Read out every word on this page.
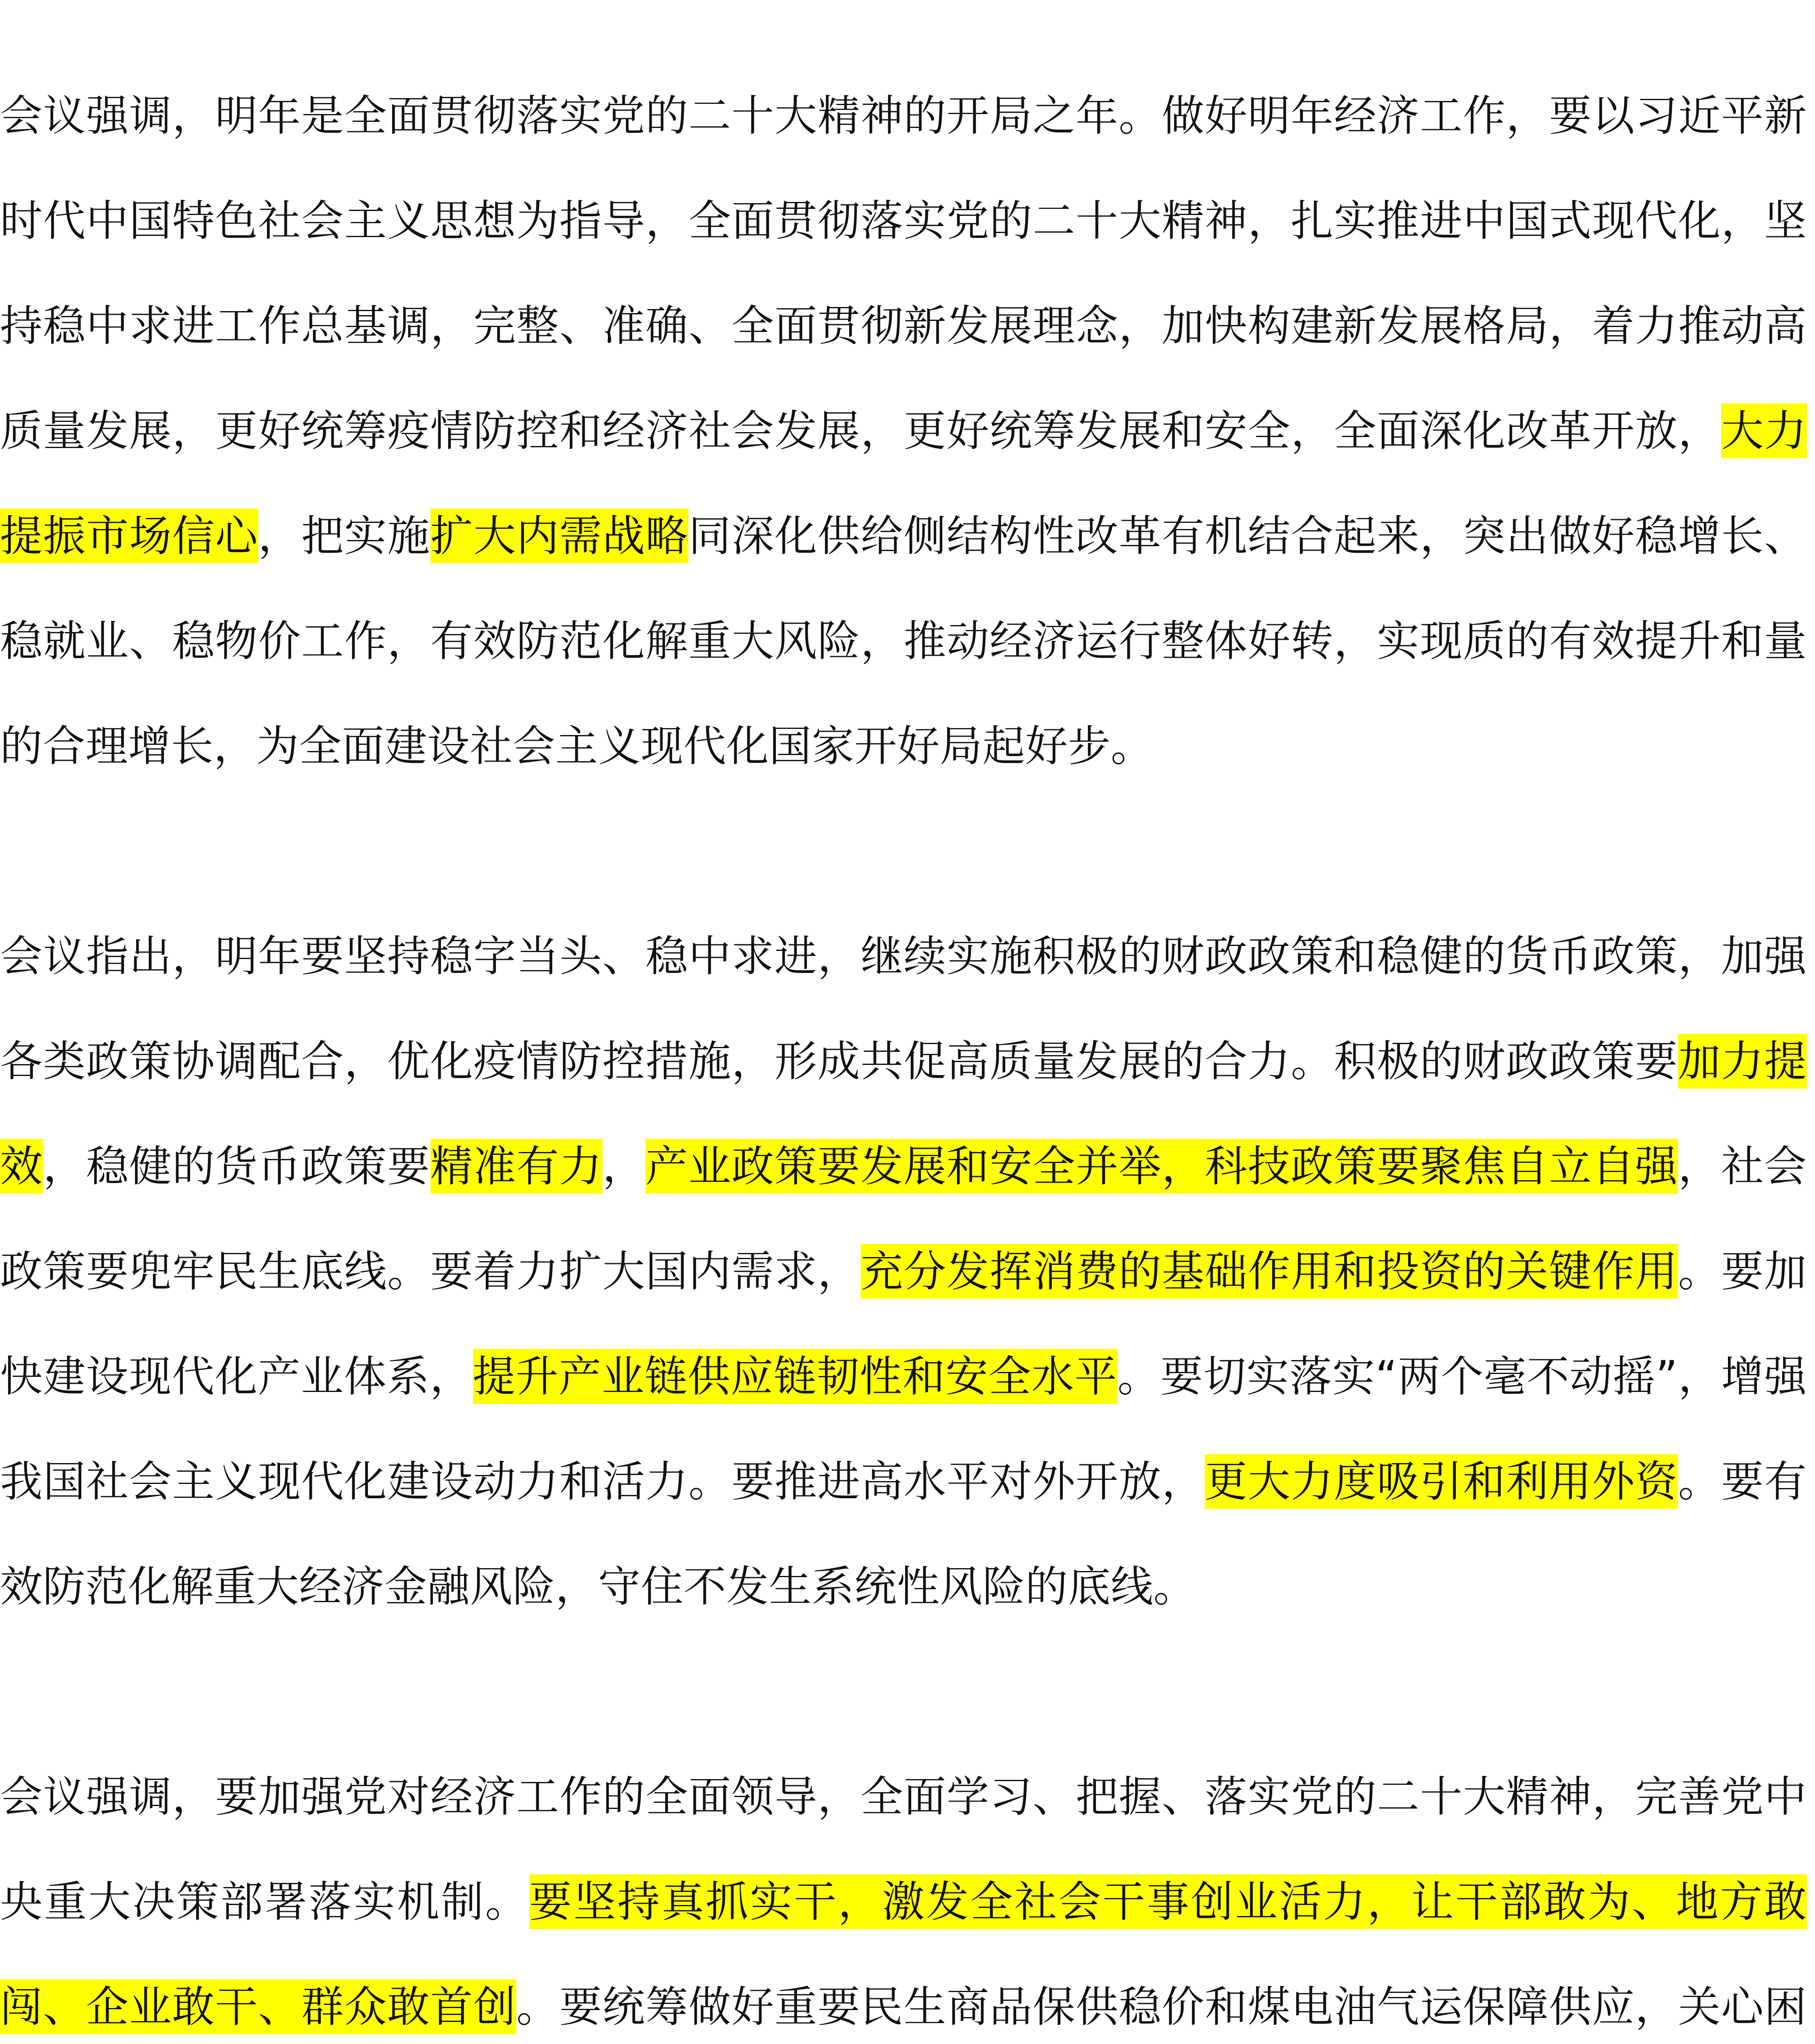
会议强调，明年是全面贯彻落实党的二十大精神的开局之年。做好明年经济工作，要以习近平新时代中国特色社会主义思想为指导，全面贯彻落实党的二十大精神，扎实推进中国式现代化，坚持稳中求进工作总基调，完整、准确、全面贯彻新发展理念，加快构建新发展格局，着力推动高质量发展，更好统筹疫情防控和经济社会发展，更好统筹发展和安全，全面深化改革开放，大力提振市场信心，把实施扩大内需战略同深化供给侧结构性改革有机结合起来，突出做好稳增长、稳就业、稳物价工作，有效防范化解重大风险，推动经济运行整体好转，实现质的有效提升和量的合理增长，为全面建设社会主义现代化国家开好局起好步。

会议指出，明年要坚持稳字当头、稳中求进，继续实施积极的财政政策和稳健的货币政策，加强各类政策协调配合，优化疫情防控措施，形成共促高质量发展的合力。积极的财政政策要加力提效，稳健的货币政策要精准有力，产业政策要发展和安全并举，科技政策要聚焦自立自强，社会政策要兜牢民生底线。要着力扩大国内需求，充分发挥消费的基础作用和投资的关键作用。要加快建设现代化产业体系，提升产业链供应链韧性和安全水平。要切实落实“两个毫不动摇”，增强我国社会主义现代化建设动力和活力。要推进高水平对外开放，更大力度吸引和利用外资。要有效防范化解重大经济金融风险，守住不发生系统性风险的底线。

会议强调，要加强党对经济工作的全面领导，全面学习、把握、落实党的二十大精神，完善党中央重大决策部署落实机制。要坚持真抓实干，激发全社会干事创业活力，让干部敢为、地方敢闯、企业敢干、群众敢首创。要统筹做好重要民生商品保供稳价和煤电油气运保障供应，关心困
